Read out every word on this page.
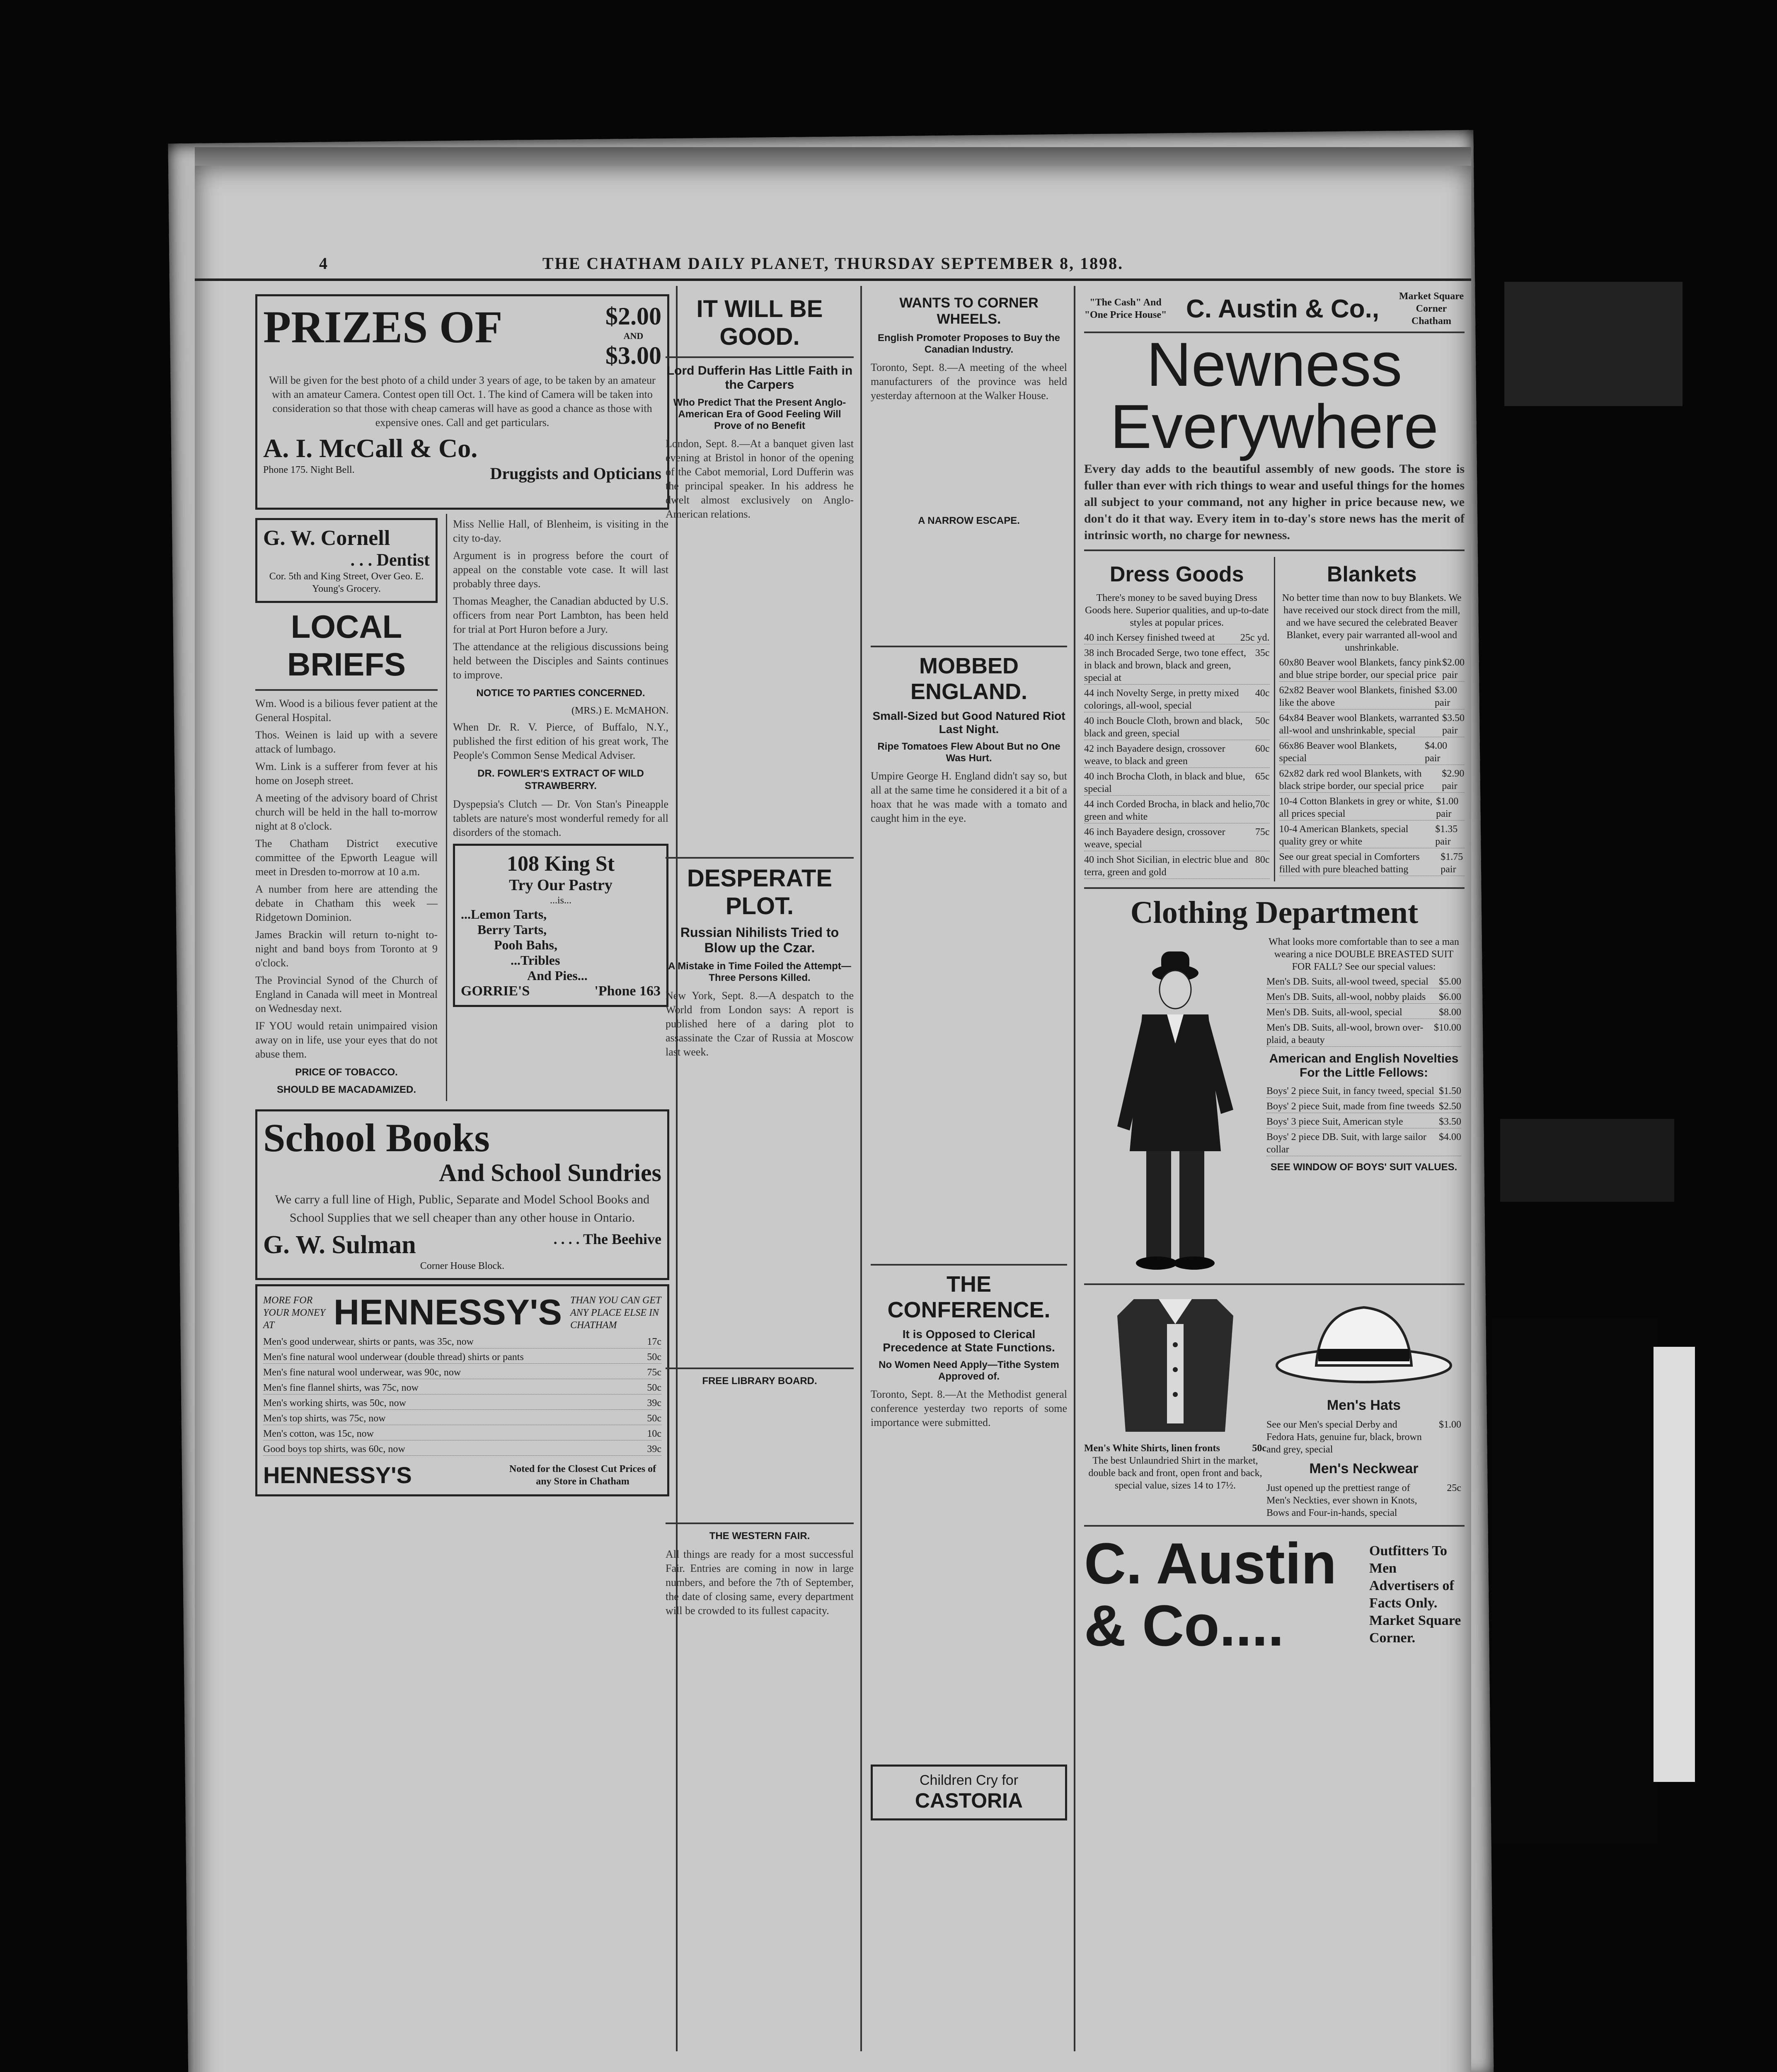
4	THE CHATHAM DAILY PLANET, THURSDAY SEPTEMBER 8, 1898.
PRIZES OF	$2.00
AND
$3.00
Will be given for the best photo of a child under 3 years of age, to be taken by an amateur with an amateur Camera. Contest open till Oct. 1. The kind of Camera will be taken into consideration so that those with cheap cameras will have as good a chance as those with expensive ones. Call and get particulars.
A. I. McCall & Co.
Phone 175. Night Bell.	Druggists and Opticians
G. W. Cornell
. . . Dentist
Cor. 5th and King Street, Over Geo. E. Young's Grocery.
LOCAL BRIEFS
Wm. Wood is a bilious fever patient at the General Hospital.
Thos. Weinen is laid up with a severe attack of lumbago.
Wm. Link is a sufferer from fever at his home on Joseph street.
A meeting of the advisory board of Christ church will be held in the hall to-morrow night at 8 o'clock.
The Chatham District executive committee of the Epworth League will meet in Dresden to-morrow at 10 a.m.
A number from here are attending the debate in Chatham this week — Ridgetown Dominion.
James Brackin will return to-night to-night and band boys from Toronto at 9 o'clock.
The Provincial Synod of the Church of England in Canada will meet in Montreal on Wednesday next.
IF YOU would retain unimpaired vision away on in life, use your eyes that do not abuse them.
PRICE OF TOBACCO.
SHOULD BE MACADAMIZED.
Miss Nellie Hall, of Blenheim, is visiting in the city to-day.
Argument is in progress before the court of appeal on the constable vote case. It will last probably three days.
Thomas Meagher, the Canadian abducted by U.S. officers from near Port Lambton, has been held for trial at Port Huron before a Jury.
The attendance at the religious discussions being held between the Disciples and Saints continues to improve.
NOTICE TO PARTIES CONCERNED.
(MRS.) E. McMAHON.
When Dr. R. V. Pierce, of Buffalo, N.Y., published the first edition of his great work, The People's Common Sense Medical Adviser.
DR. FOWLER'S EXTRACT OF WILD STRAWBERRY.
Dyspepsia's Clutch — Dr. Von Stan's Pineapple tablets are nature's most wonderful remedy for all disorders of the stomach.
108 King St
Try Our Pastry
...is...
...Lemon Tarts,
Berry Tarts,
Pooh Bahs,
...Tribles
And Pies...
GORRIE'S	'Phone 163
School Books
And School Sundries
We carry a full line of High, Public, Separate and Model School Books and School Supplies that we sell cheaper than any other house in Ontario.
G. W. Sulman	. . . . The Beehive
Corner House Block.
MORE FOR YOUR MONEY AT	HENNESSY'S THAN YOU CAN GET ANY PLACE ELSE IN CHATHAM
Men's good underwear, shirts or pants, was 35c, now	17c
Men's fine natural wool underwear (double thread) shirts or pants	50c
Men's fine natural wool underwear, was 90c, now	75c
Men's fine flannel shirts, was 75c, now	50c
Men's working shirts, was 50c, now	39c
Men's top shirts, was 75c, now	50c
Men's cotton, was 15c, now	10c
Good boys top shirts, was 60c, now	39c
HENNESSY'S	Noted for the Closest Cut Prices of any Store in Chatham
IT WILL BE GOOD.
Lord Dufferin Has Little Faith in the Carpers
Who Predict That the Present Anglo-American Era of Good Feeling Will Prove of no Benefit
London, Sept. 8.—At a banquet given last evening at Bristol in honor of the opening of the Cabot memorial, Lord Dufferin was the principal speaker. In his address he dwelt almost exclusively on Anglo-American relations.
DESPERATE PLOT.
Russian Nihilists Tried to Blow up the Czar.
A Mistake in Time Foiled the Attempt—Three Persons Killed.
New York, Sept. 8.—A despatch to the World from London says: A report is published here of a daring plot to assassinate the Czar of Russia at Moscow last week.
FREE LIBRARY BOARD.
THE WESTERN FAIR.
All things are ready for a most successful Fair. Entries are coming in now in large numbers, and before the 7th of September, the date of closing same, every department will be crowded to its fullest capacity.
WANTS TO CORNER WHEELS.
English Promoter Proposes to Buy the Canadian Industry.
Toronto, Sept. 8.—A meeting of the wheel manufacturers of the province was held yesterday afternoon at the Walker House.
A NARROW ESCAPE.
MOBBED ENGLAND.
Small-Sized but Good Natured Riot Last Night.
Ripe Tomatoes Flew About But no One Was Hurt.
Umpire George H. England didn't say so, but all at the same time he considered it a bit of a hoax that he was made with a tomato and caught him in the eye.
THE CONFERENCE.
It is Opposed to Clerical Precedence at State Functions.
No Women Need Apply—Tithe System Approved of.
Toronto, Sept. 8.—At the Methodist general conference yesterday two reports of some importance were submitted.
Children Cry for
CASTORIA
"The Cash" And "One Price House" C. Austin & Co., Market Square Corner Chatham
Newness
Everywhere
Every day adds to the beautiful assembly of new goods. The store is fuller than ever with rich things to wear and useful things for the homes all subject to your command, not any higher in price because new, we don't do it that way. Every item in to-day's store news has the merit of intrinsic worth, no charge for newness.
Dress Goods
There's money to be saved buying Dress Goods here. Superior qualities, and up-to-date styles at popular prices.
40 inch Kersey finished tweed at	25c yd.
38 inch Brocaded Serge, two tone effect, in black and brown, black and green, special at
35c
44 inch Novelty Serge, in pretty mixed colorings, all-wool, special
40c
40 inch Boucle Cloth, brown and black, black and green, special
50c
42 inch Bayadere design, crossover weave, to black and green
60c
40 inch Brocha Cloth, in black and blue, special
65c
44 inch Corded Brocha, in black and helio, green and white
70c
46 inch Bayadere design, crossover weave, special
75c
40 inch Shot Sicilian, in electric blue and terra, green and gold
80c
Blankets
No better time than now to buy Blankets. We have received our stock direct from the mill, and we have secured the celebrated Beaver Blanket, every pair warranted all-wool and unshrinkable.
60x80 Beaver wool Blankets, fancy pink and blue stripe border, our special price
$2.00 pair
62x82 Beaver wool Blankets, finished like the above
$3.00 pair
64x84 Beaver wool Blankets, warranted all-wool and unshrinkable, special
$3.50 pair
66x86 Beaver wool Blankets, special
$4.00 pair
62x82 dark red wool Blankets, with black stripe border, our special price
$2.90 pair
10-4 Cotton Blankets in grey or white, all prices special
$1.00 pair
10-4 American Blankets, special quality grey or white
$1.35 pair
See our great special in Comforters filled with pure bleached batting
$1.75 pair
Clothing Department
What looks more comfortable than to see a man wearing a nice DOUBLE BREASTED SUIT FOR FALL? See our special values:
Men's DB. Suits, all-wool tweed, special $5.00
Men's DB. Suits, all-wool, nobby plaids $6.00
Men's DB. Suits, all-wool, special	$8.00
Men's DB. Suits, all-wool, brown over-plaid, a beauty
$10.00
American and English Novelties For the Little Fellows:
Boys' 2 piece Suit, in fancy tweed, special $1.50
Boys' 2 piece Suit, made from fine tweeds $2.50
Boys' 3 piece Suit, American style	$3.50
Boys' 2 piece DB. Suit, with large sailor collar
$4.00
SEE WINDOW OF BOYS' SUIT VALUES.
Men's White Shirts, linen fronts	50c
The best Unlaundried Shirt in the market, double back and front, open front and back, special value, sizes 14 to 17½.
Men's Hats
See our Men's special Derby and Fedora Hats, genuine fur, black, brown and grey, special
$1.00
Men's Neckwear
Just opened up the prettiest range of Men's Neckties, ever shown in Knots, Bows and Four-in-hands, special
25c
C. Austin & Co....
Outfitters To Men Advertisers of Facts Only. Market Square Corner.
